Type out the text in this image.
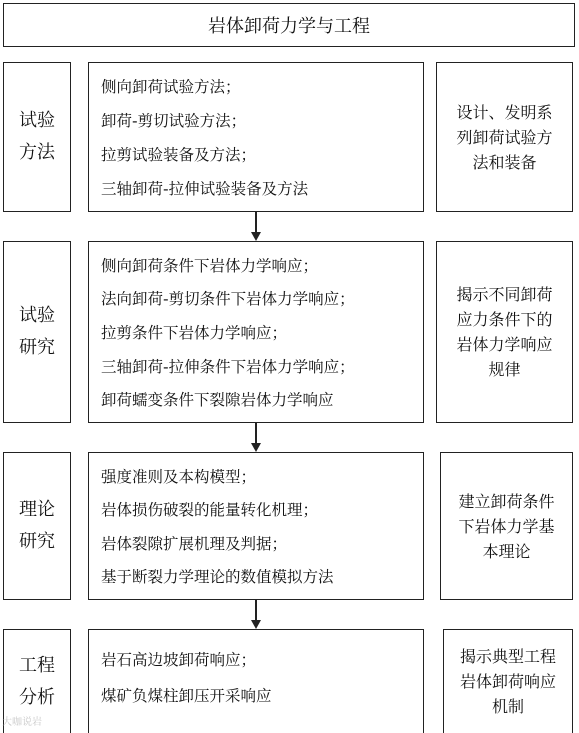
岩体卸荷力学与工程
试验
方法
侧向卸荷试验方法；
卸荷-剪切试验方法；
拉剪试验装备及方法；
三轴卸荷-拉伸试验装备及方法
设计、发明系
列卸荷试验方
法和装备
试验
研究
侧向卸荷条件下岩体力学响应；
法向卸荷-剪切条件下岩体力学响应；
拉剪条件下岩体力学响应；
三轴卸荷-拉伸条件下岩体力学响应；
卸荷蠕变条件下裂隙岩体力学响应
揭示不同卸荷
应力条件下的
岩体力学响应
规律
理论
研究
强度准则及本构模型；
岩体损伤破裂的能量转化机理；
岩体裂隙扩展机理及判据；
基于断裂力学理论的数值模拟方法
建立卸荷条件
下岩体力学基
本理论
工程
分析
岩石高边坡卸荷响应；
煤矿负煤柱卸压开采响应
揭示典型工程
岩体卸荷响应
机制
大咖说岩
